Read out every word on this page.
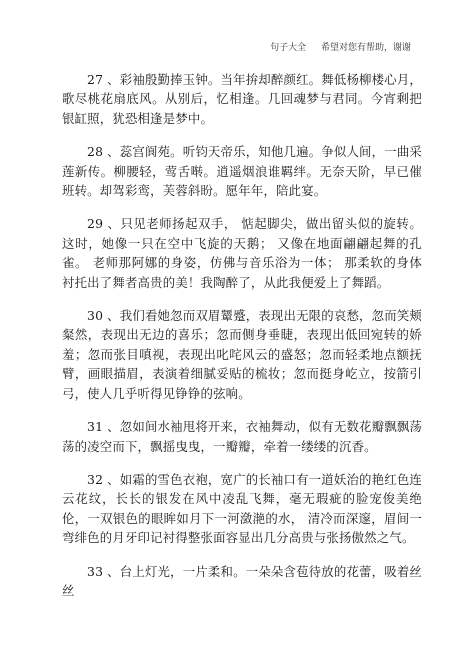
句子大全 希望对您有帮助，谢谢

27 、彩袖殷勤捧玉钟。当年拚却醉颜红。舞低杨柳楼心月，歌尽桃花扇底风。从别后，忆相逢。几回魂梦与君同。今宵剩把银缸照，犹恐相逢是梦中。

28 、蕊宫阆苑。听钧天帝乐，知他几遍。争似人间，一曲采莲新传。柳腰轻，莺舌啭。逍遥烟浪谁羁绊。无奈天阶，早已催班转。却驾彩鸾，芙蓉斜盼。愿年年，陪此宴。

29 、只见老师扬起双手， 惦起脚尖，做出留头似的旋转。 这时，她像一只在空中飞旋的天鹅； 又像在地面翩翩起舞的孔雀。 老师那阿娜的身姿，仿佛与音乐浴为一体； 那柔软的身体衬托出了舞者高贵的美！我陶醉了，从此我便爱上了舞蹈。

30 、我们看她忽而双眉颦蹙，表现出无限的哀愁，忽而笑颊粲然，表现出无边的喜乐；忽而侧身垂睫，表现出低回宛转的娇羞；忽而张目嗔视，表现出叱咤风云的盛怒；忽而轻柔地点额抚臂，画眼描眉，表演着细腻妥贴的梳妆；忽而挺身屹立，按箭引弓，使人几乎听得见铮铮的弦响。

31 、忽如间水袖甩将开来，衣袖舞动，似有无数花瓣飘飘荡荡的凌空而下，飘摇曳曳，一瓣瓣，牵着一缕缕的沉香。

32 、如霜的雪色衣袍，宽广的长袖口有一道妖治的艳红色连云花纹，长长的银发在风中凌乱飞舞，毫无瑕疵的脸宠俊美绝伦，一双银色的眼眸如月下一河潋滟的水， 清冷而深邃，眉间一弯绯色的月牙印记衬得整张面容显出几分高贵与张扬傲然之气。

33 、台上灯光，一片柔和。一朵朵含苞待放的花蕾，吸着丝丝
